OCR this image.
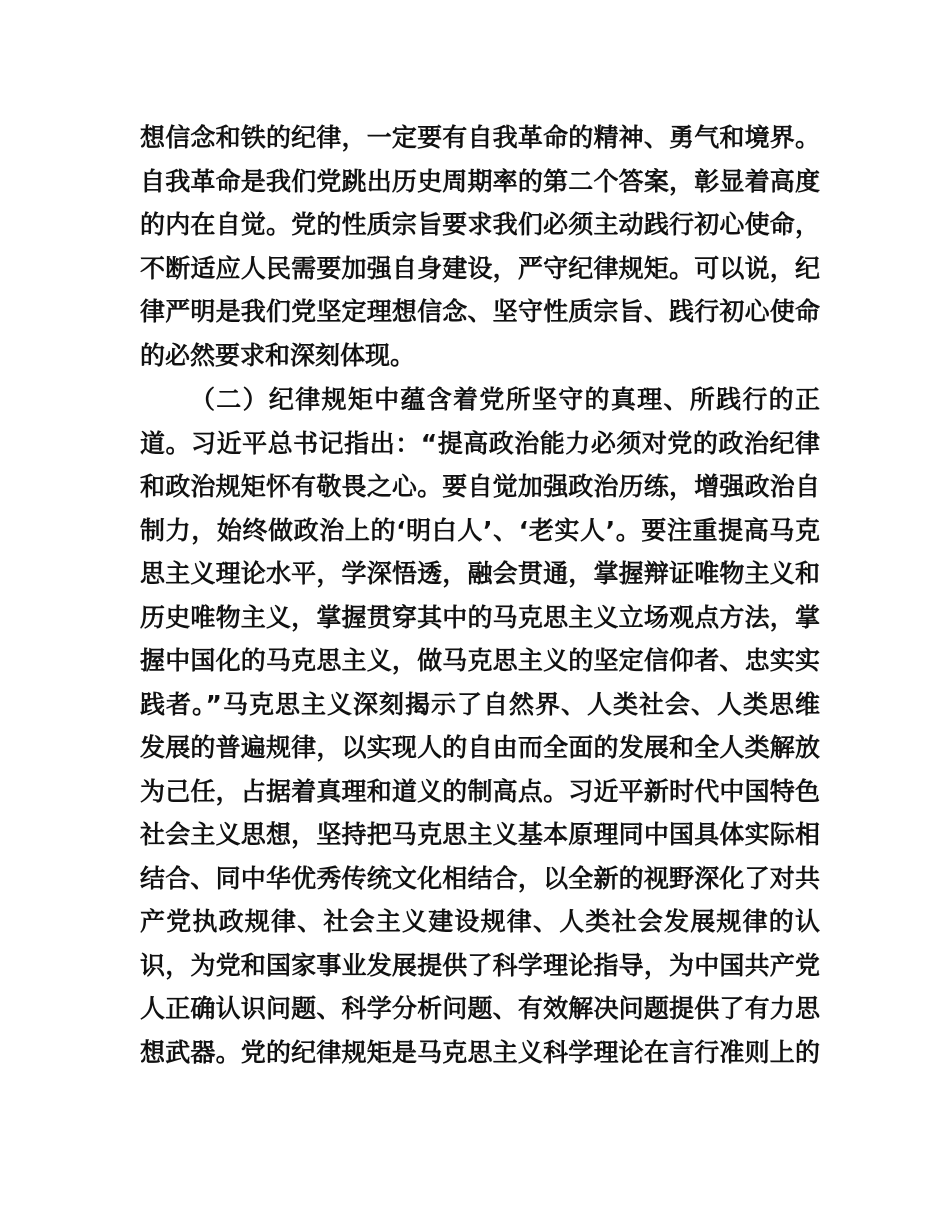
想信念和铁的纪律，一定要有自我革命的精神、勇气和境界。
自我革命是我们党跳出历史周期率的第二个答案，彰显着高度
的内在自觉。党的性质宗旨要求我们必须主动践行初心使命，
不断适应人民需要加强自身建设，严守纪律规矩。可以说，纪
律严明是我们党坚定理想信念、坚守性质宗旨、践行初心使命
的必然要求和深刻体现。
（二）纪律规矩中蕴含着党所坚守的真理、所践行的正
道。习近平总书记指出：“提高政治能力必须对党的政治纪律
和政治规矩怀有敬畏之心。要自觉加强政治历练，增强政治自
制力，始终做政治上的‘明白人’、‘老实人’。要注重提高马克
思主义理论水平，学深悟透，融会贯通，掌握辩证唯物主义和
历史唯物主义，掌握贯穿其中的马克思主义立场观点方法，掌
握中国化的马克思主义，做马克思主义的坚定信仰者、忠实实
践者。”马克思主义深刻揭示了自然界、人类社会、人类思维
发展的普遍规律，以实现人的自由而全面的发展和全人类解放
为己任，占据着真理和道义的制高点。习近平新时代中国特色
社会主义思想，坚持把马克思主义基本原理同中国具体实际相
结合、同中华优秀传统文化相结合，以全新的视野深化了对共
产党执政规律、社会主义建设规律、人类社会发展规律的认
识，为党和国家事业发展提供了科学理论指导，为中国共产党
人正确认识问题、科学分析问题、有效解决问题提供了有力思
想武器。党的纪律规矩是马克思主义科学理论在言行准则上的
